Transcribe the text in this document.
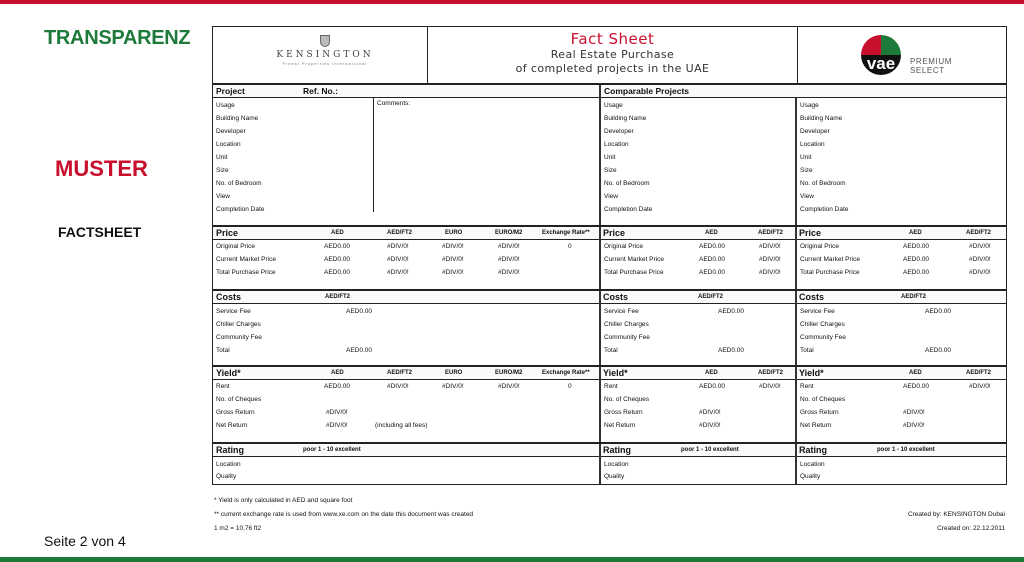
TRANSPARENZ
MUSTER
FACTSHEET
Seite 2 von 4
KENSINGTON
Finest Properties International
Fact Sheet
Real Estate Purchase
of completed projects in the UAE	vae PREMIUM
SELECT
Project	Ref. No.:
Comments:
Usage
Building Name
Developer
Location
Unit
Size
No. of Bedroom
View
Completion Date
Comparable Projects
Usage
Building Name
Developer
Location
Unit
Size
No. of Bedroom
View
Completion Date
Usage
Building Name
Developer
Location
Unit
Size
No. of Bedroom
View
Completion Date
Price	AED	AED/FT2	EURO	EURO/M2	Exchange Rate**
Original Price	AED0.00	#DIV/0!	#DIV/0!	#DIV/0!	0
Current Market Price	AED0.00	#DIV/0!	#DIV/0!	#DIV/0!
Total Purchase Price	AED0.00	#DIV/0!	#DIV/0!	#DIV/0!
Price	AED	AED/FT2
Original Price	AED0.00	#DIV/0!
Current Market Price	AED0.00	#DIV/0!
Total Purchase Price	AED0.00	#DIV/0!
Price	AED	AED/FT2
Original Price	AED0.00	#DIV/0!
Current Market Price	AED0.00	#DIV/0!
Total Purchase Price	AED0.00	#DIV/0!
Costs	AED/FT2
Service Fee	AED0.00
Chiller Charges
Community Fee
Total	AED0.00
Costs	AED/FT2
Service Fee	AED0.00
Chiller Charges
Community Fee
Total	AED0.00
Costs	AED/FT2
Service Fee	AED0.00
Chiller Charges
Community Fee
Total	AED0.00
Yield*	AED	AED/FT2	EURO	EURO/M2	Exchange Rate**
Rent	AED0.00	#DIV/0!	#DIV/0!	#DIV/0!	0
No. of Cheques
Gross Return	#DIV/0!
Net Return	#DIV/0!	(including all fees)
Yield*	AED	AED/FT2
Rent	AED0.00	#DIV/0!
No. of Cheques
Gross Return	#DIV/0!
Net Return	#DIV/0!
Yield*	AED	AED/FT2
Rent	AED0.00	#DIV/0!
No. of Cheques
Gross Return	#DIV/0!
Net Return	#DIV/0!
Rating	poor 1 - 10 excellent
Location
Quality
Rating	poor 1 - 10 excellent
Location
Quality
Rating	poor 1 - 10 excellent
Location
Quality
* Yield is only calculated in AED and square foot
** current exchange rate is used from www.xe.com on the date this document was created
1 m2 = 10,76 ft2
Created by: KENSINGTON Dubai
Created on: 22.12.2011
